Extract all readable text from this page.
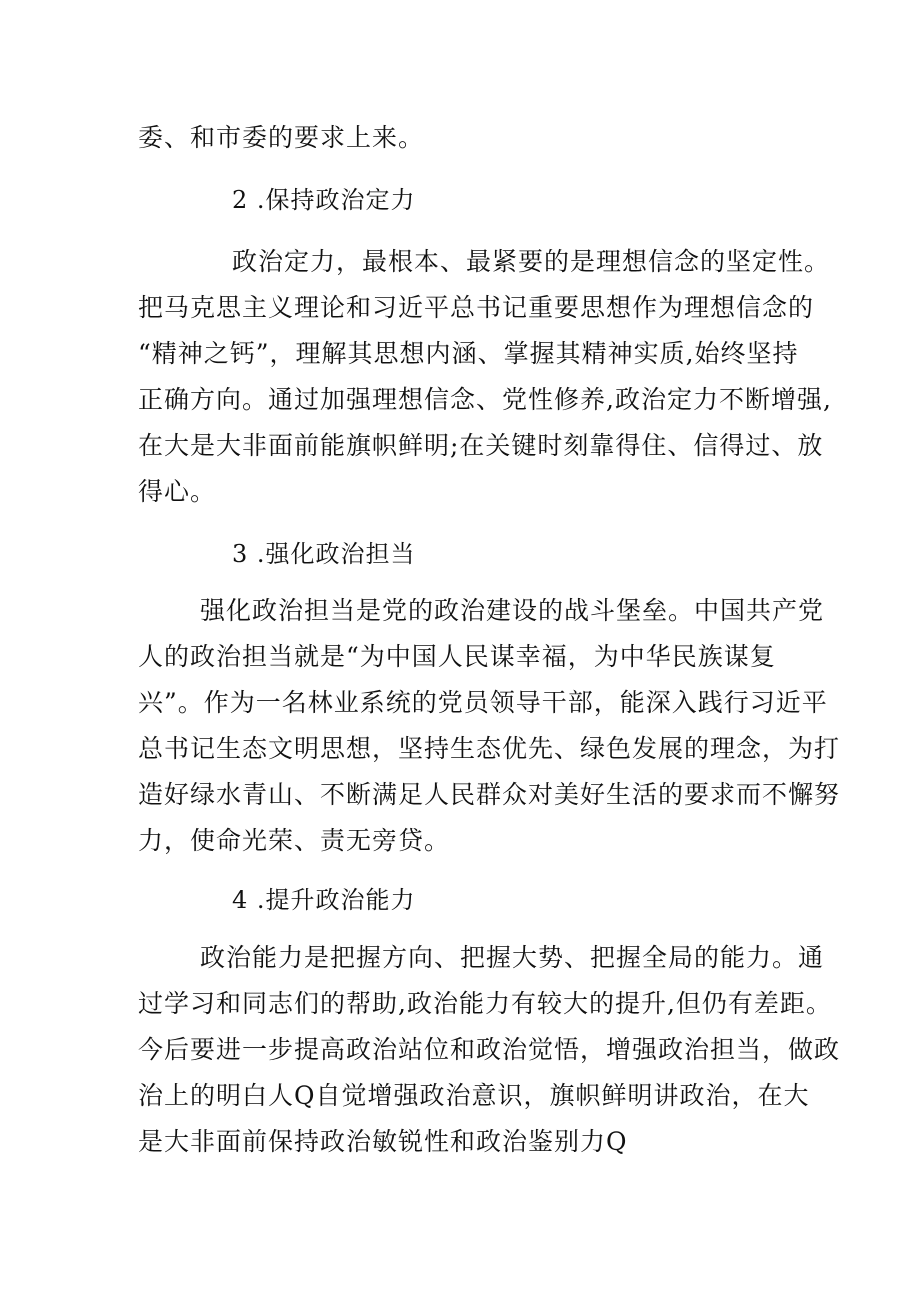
委、和市委的要求上来。
2 .保持政治定力
政治定力，最根本、最紧要的是理想信念的坚定性。
把马克思主义理论和习近平总书记重要思想作为理想信念的
“精神之钙”，理解其思想内涵、掌握其精神实质,始终坚持
正确方向。通过加强理想信念、党性修养,政治定力不断增强,
在大是大非面前能旗帜鲜明;在关键时刻靠得住、信得过、放
得心。
3 .强化政治担当
强化政治担当是党的政治建设的战斗堡垒。中国共产党
人的政治担当就是“为中国人民谋幸福，为中华民族谋复
兴”。作为一名林业系统的党员领导干部，能深入践行习近平
总书记生态文明思想，坚持生态优先、绿色发展的理念，为打
造好绿水青山、不断满足人民群众对美好生活的要求而不懈努
力，使命光荣、责无旁贷。
4 .提升政治能力
政治能力是把握方向、把握大势、把握全局的能力。通
过学习和同志们的帮助,政治能力有较大的提升,但仍有差距。
今后要进一步提高政治站位和政治觉悟，增强政治担当，做政
治上的明白人Q自觉增强政治意识，旗帜鲜明讲政治，在大
是大非面前保持政治敏锐性和政治鉴别力Q
